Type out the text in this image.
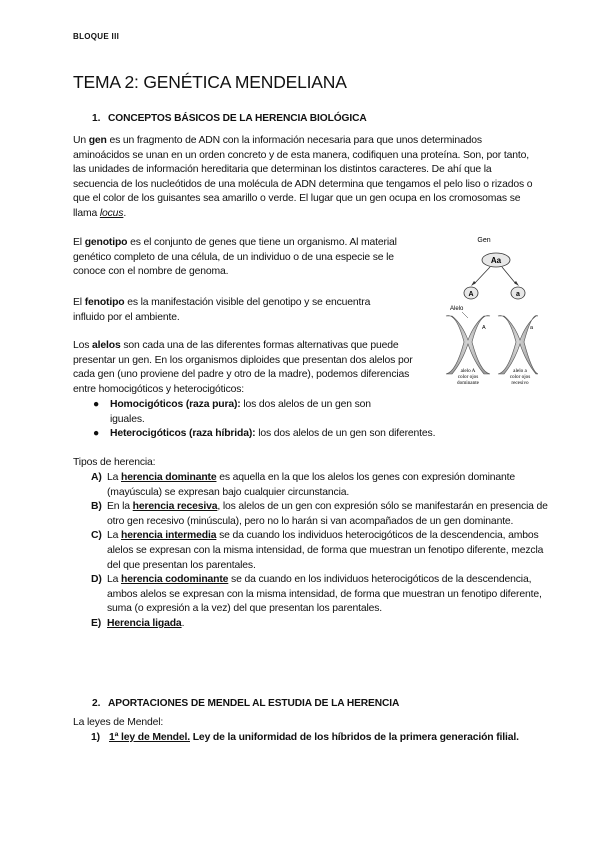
BLOQUE III
TEMA 2: GENÉTICA MENDELIANA
1. CONCEPTOS BÁSICOS DE LA HERENCIA BIOLÓGICA

Un gen es un fragmento de ADN con la información necesaria para que unos determinados aminoácidos se unan en un orden concreto y de esta manera, codifiquen una proteína. Son, por tanto, las unidades de información hereditaria que determinan los distintos caracteres. De ahí que la secuencia de los nucleótidos de una molécula de ADN determina que tengamos el pelo liso o rizados o que el color de los guisantes sea amarillo o verde. El lugar que un gen ocupa en los cromosomas se llama locus.

El genotipo es el conjunto de genes que tiene un organismo. Al material genético completo de una célula, de un individuo o de una especie se le conoce con el nombre de genoma.

El fenotipo es la manifestación visible del genotipo y se encuentra influido por el ambiente.

Los alelos son cada una de las diferentes formas alternativas que puede presentar un gen. En los organismos diploides que presentan dos alelos por cada gen (uno proviene del padre y otro de la madre), podemos diferencias entre homocigóticos y heterocigóticos:

● Homocigóticos (raza pura): los dos alelos de un gen son iguales.
● Heterocigóticos (raza híbrida): los dos alelos de un gen son diferentes.
Tipos de herencia:
A) La herencia dominante es aquella en la que los alelos los genes con expresión dominante (mayúscula) se expresan bajo cualquier circunstancia.
B) En la herencia recesiva, los alelos de un gen con expresión sólo se manifestarán en presencia de otro gen recesivo (minúscula), pero no lo harán si van acompañados de un gen dominante.
C) La herencia intermedia se da cuando los individuos heterocigóticos de la descendencia, ambos alelos se expresan con la misma intensidad, de forma que muestran un fenotipo diferente, mezcla del que presentan los parentales.
D) La herencia codominante se da cuando en los individuos heterocigóticos de la descendencia, ambos alelos se expresan con la misma intensidad, de forma que muestran un fenotipo diferente, suma (o expresión a la vez) del que presentan los parentales.
E) Herencia ligada.
2. APORTACIONES DE MENDEL AL ESTUDIA DE LA HERENCIA
La leyes de Mendel:
1) 1ª ley de Mendel. Ley de la uniformidad de los híbridos de la primera generación filial.
Gen
Aa
A	a
Alelo
A	a
alelo A
color ojos
dominante
alelo a
color ojos
recesivo
